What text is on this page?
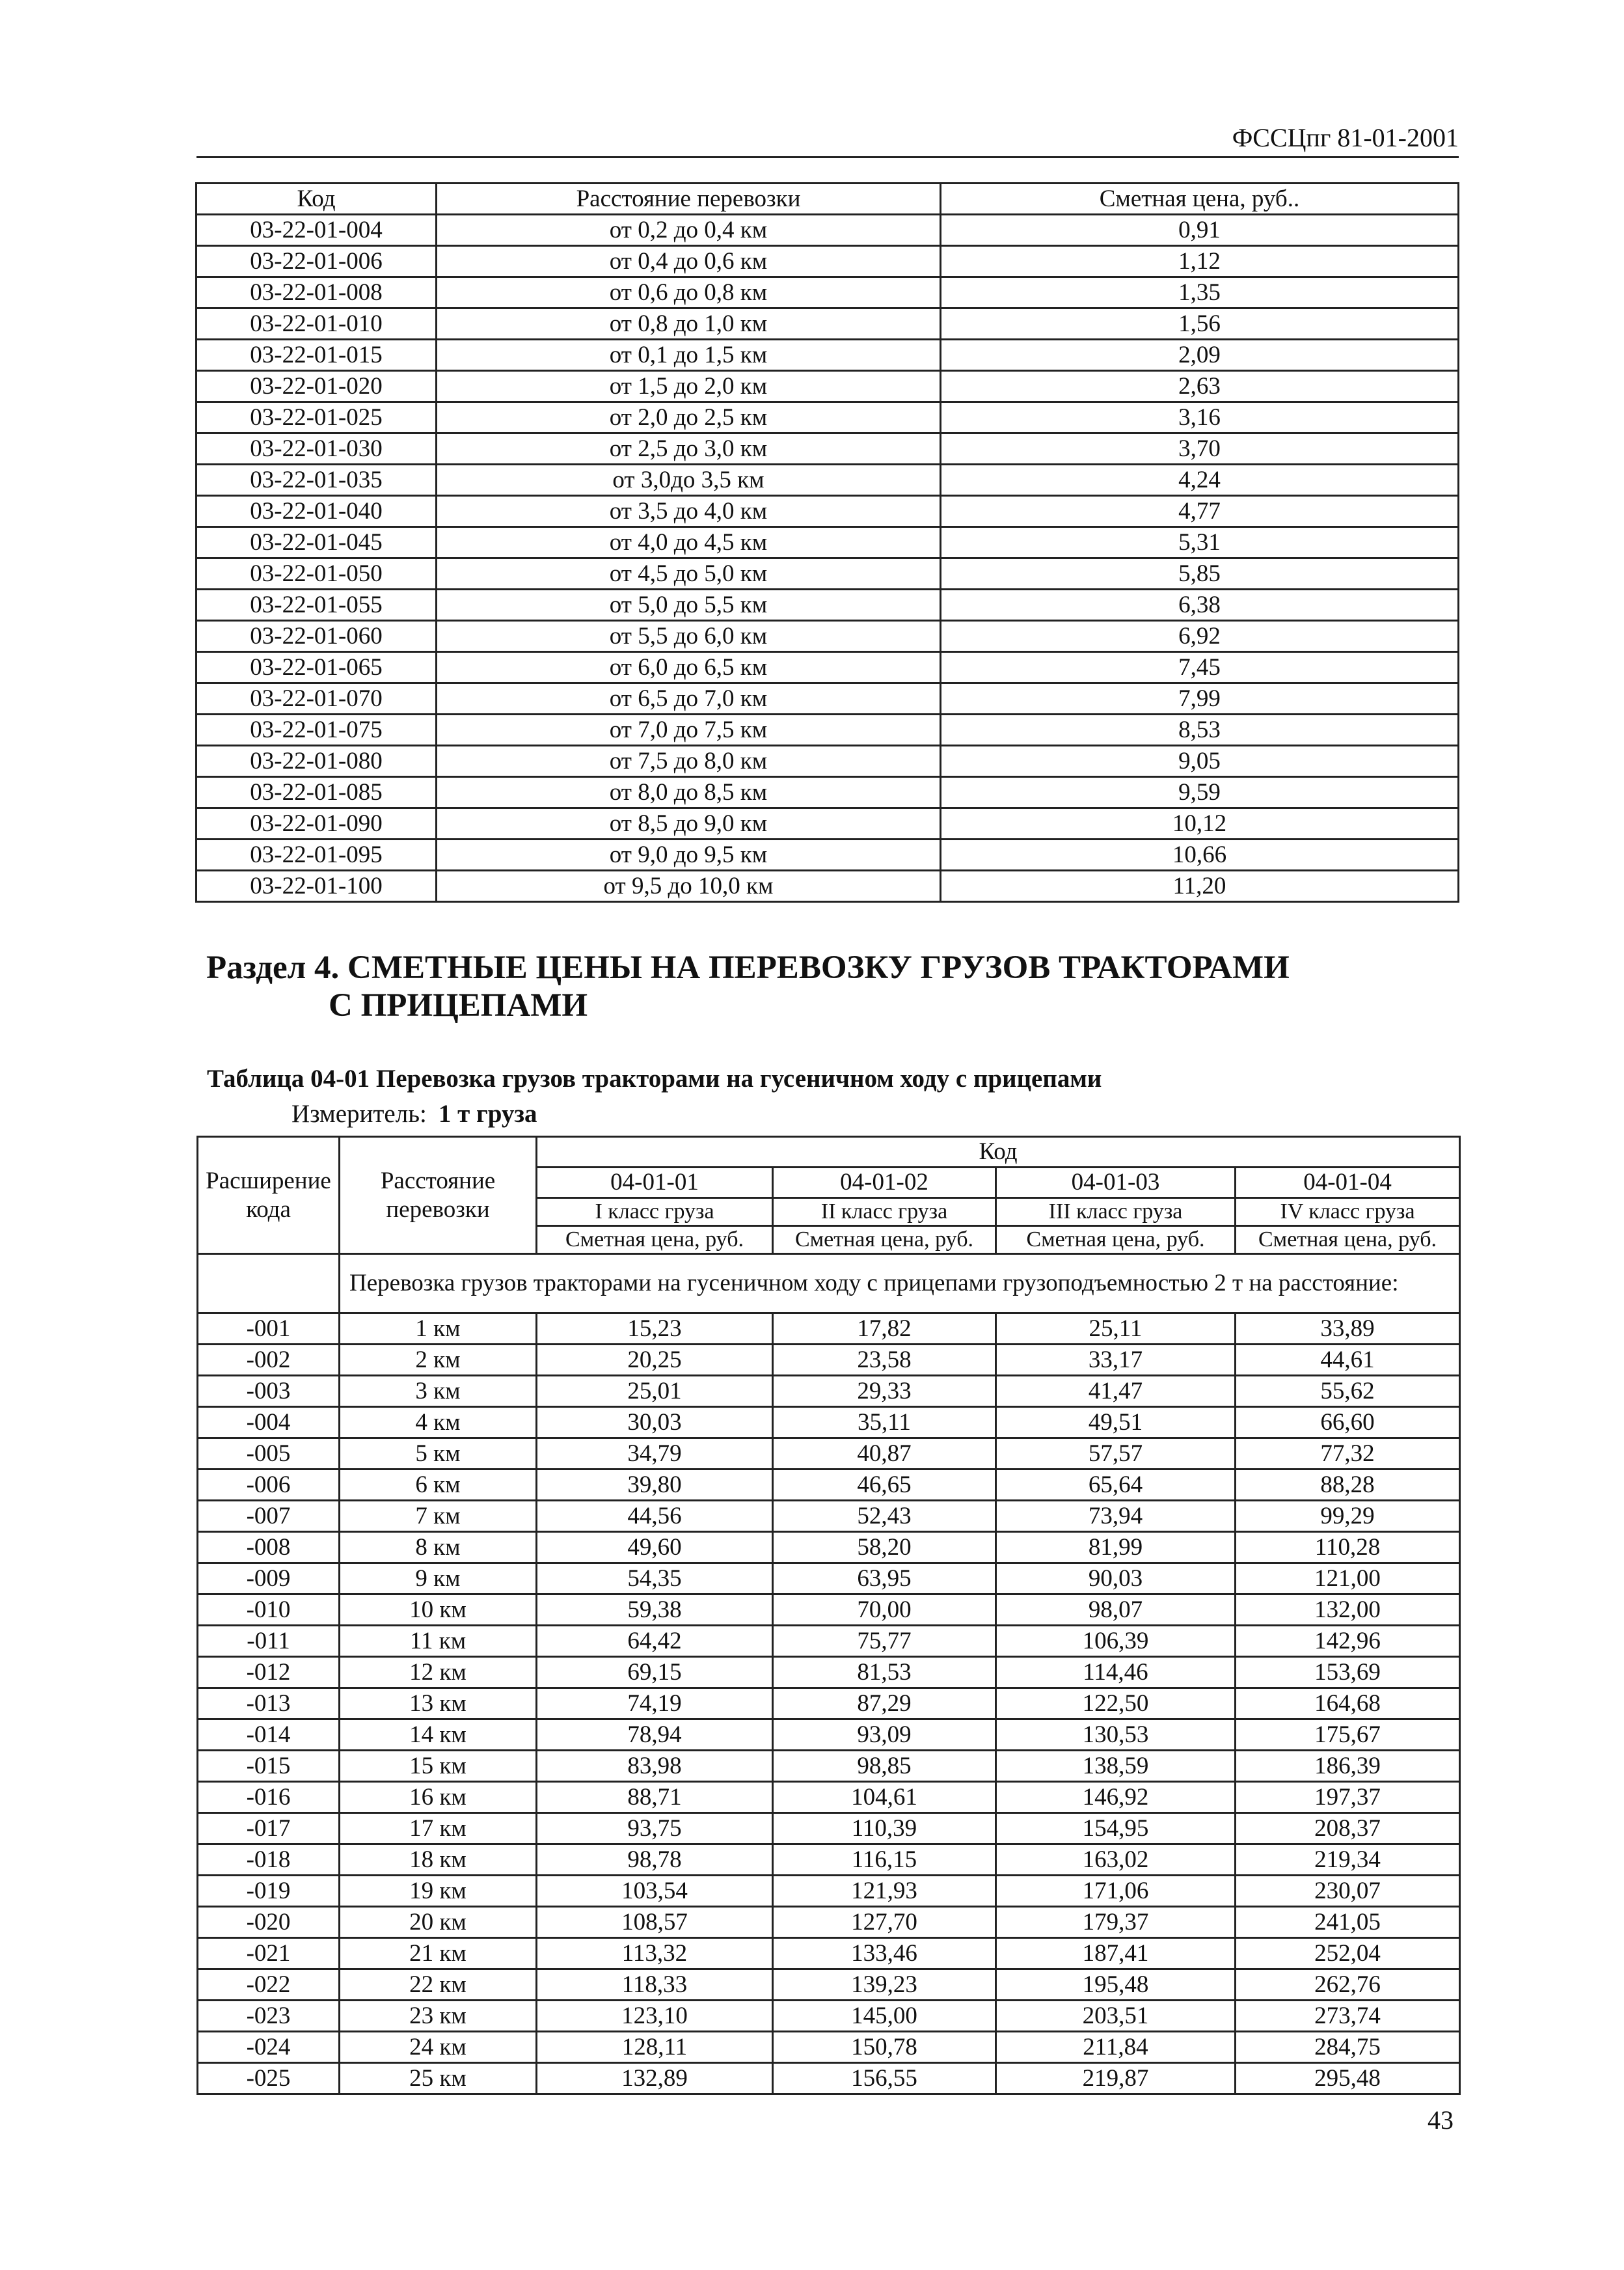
ФССЦпг 81-01-2001
Код	Расстояние перевозки	Сметная цена, руб..
03-22-01-004	от 0,2 до 0,4 км	0,91
03-22-01-006	от 0,4 до 0,6 км	1,12
03-22-01-008	от 0,6 до 0,8 км	1,35
03-22-01-010	от 0,8 до 1,0 км	1,56
03-22-01-015	от 0,1 до 1,5 км	2,09
03-22-01-020	от 1,5 до 2,0 км	2,63
03-22-01-025	от 2,0 до 2,5 км	3,16
03-22-01-030	от 2,5 до 3,0 км	3,70
03-22-01-035	от 3,0до 3,5 км	4,24
03-22-01-040	от 3,5 до 4,0 км	4,77
03-22-01-045	от 4,0 до 4,5 км	5,31
03-22-01-050	от 4,5 до 5,0 км	5,85
03-22-01-055	от 5,0 до 5,5 км	6,38
03-22-01-060	от 5,5 до 6,0 км	6,92
03-22-01-065	от 6,0 до 6,5 км	7,45
03-22-01-070	от 6,5 до 7,0 км	7,99
03-22-01-075	от 7,0 до 7,5 км	8,53
03-22-01-080	от 7,5 до 8,0 км	9,05
03-22-01-085	от 8,0 до 8,5 км	9,59
03-22-01-090	от 8,5 до 9,0 км	10,12
03-22-01-095	от 9,0 до 9,5 км	10,66
03-22-01-100	от 9,5 до 10,0 км	11,20
Раздел 4. СМЕТНЫЕ ЦЕНЫ НА ПЕРЕВОЗКУ ГРУЗОВ ТРАКТОРАМИ
С ПРИЦЕПАМИ
Таблица 04-01 Перевозка грузов тракторами на гусеничном ходу с прицепами
Измеритель: 1 т груза
Расширение кода	Расстояние перевозки	Код			
		04-01-01	04-01-02	04-01-03	04-01-04
		I класс груза	II класс груза	III класс груза	IV класс груза
		Сметная цена, руб.	Сметная цена, руб.	Сметная цена, руб.	Сметная цена, руб.
	Перевозка грузов тракторами на гусеничном ходу с прицепами грузоподъемностью 2 т на расстояние:				
-001	1 км	15,23	17,82	25,11	33,89
-002	2 км	20,25	23,58	33,17	44,61
-003	3 км	25,01	29,33	41,47	55,62
-004	4 км	30,03	35,11	49,51	66,60
-005	5 км	34,79	40,87	57,57	77,32
-006	6 км	39,80	46,65	65,64	88,28
-007	7 км	44,56	52,43	73,94	99,29
-008	8 км	49,60	58,20	81,99	110,28
-009	9 км	54,35	63,95	90,03	121,00
-010	10 км	59,38	70,00	98,07	132,00
-011	11 км	64,42	75,77	106,39	142,96
-012	12 км	69,15	81,53	114,46	153,69
-013	13 км	74,19	87,29	122,50	164,68
-014	14 км	78,94	93,09	130,53	175,67
-015	15 км	83,98	98,85	138,59	186,39
-016	16 км	88,71	104,61	146,92	197,37
-017	17 км	93,75	110,39	154,95	208,37
-018	18 км	98,78	116,15	163,02	219,34
-019	19 км	103,54	121,93	171,06	230,07
-020	20 км	108,57	127,70	179,37	241,05
-021	21 км	113,32	133,46	187,41	252,04
-022	22 км	118,33	139,23	195,48	262,76
-023	23 км	123,10	145,00	203,51	273,74
-024	24 км	128,11	150,78	211,84	284,75
-025	25 км	132,89	156,55	219,87	295,48
43
